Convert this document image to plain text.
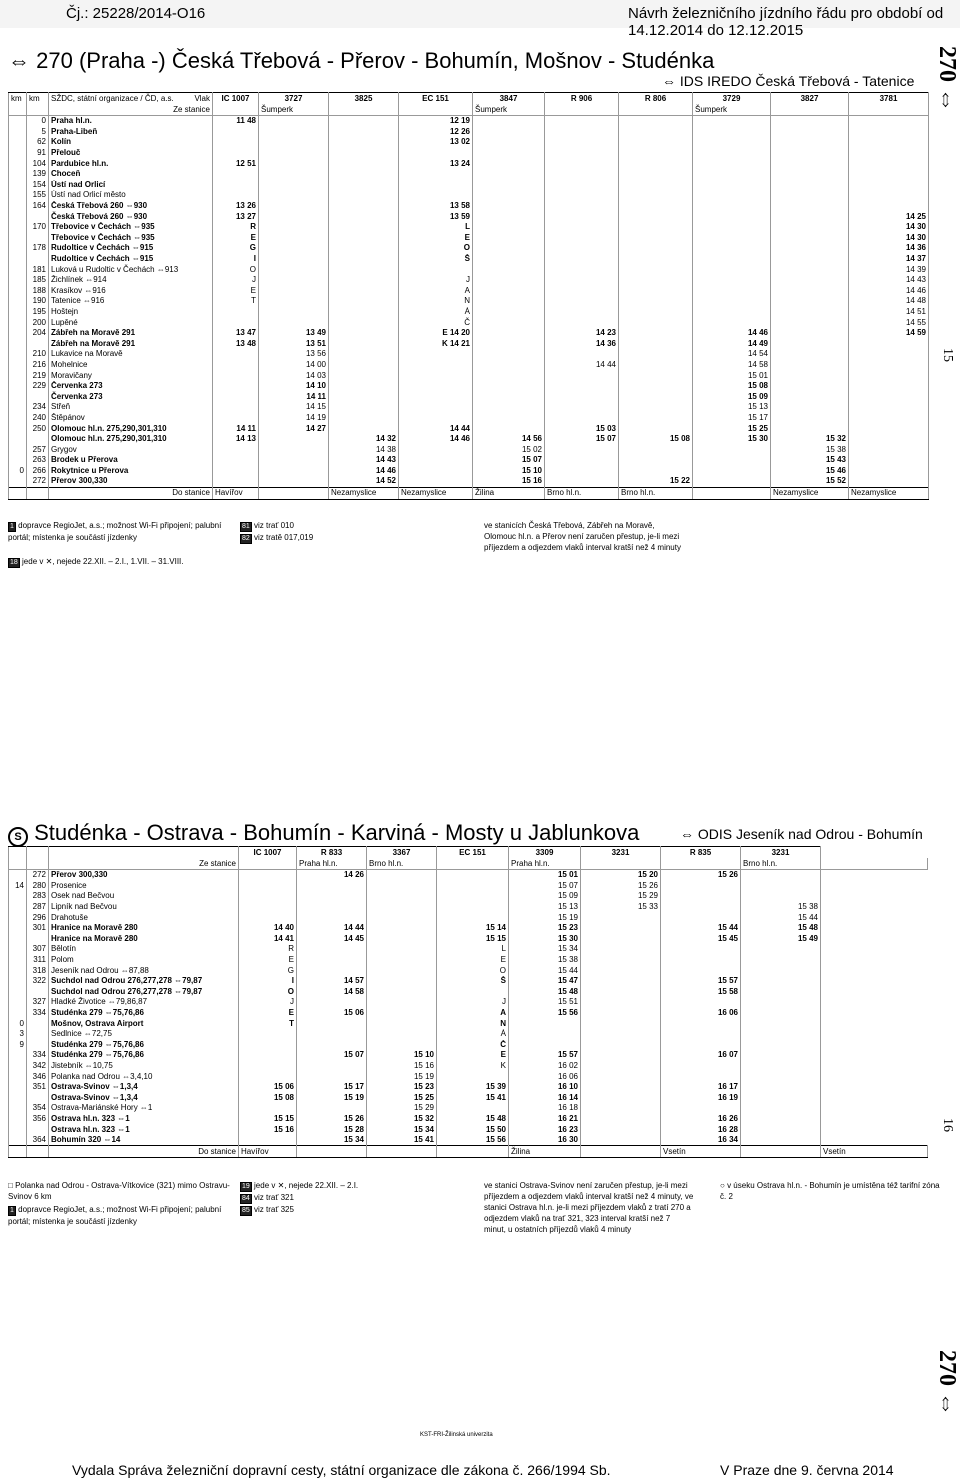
Čj.: 25228/2014-O16	Návrh železničního jízdního řádu pro období od 14.12.2014 do 12.12.2015
⇔ 270 (Praha -) Česká Třebová - Přerov - Bohumín, Mošnov - Studénka
⇔ IDS IREDO Česká Třebová - Tatenice 270 ⇔
15
km	km	Vlak
SŽDC, státní organizace / ČD, a.s.	IC 1007	3727	3825	EC 151	3847	R 906	R 806	3729	3827	3781
		Ze stanice		Šumperk			Šumperk			Šumperk		
	0	Praha hl.n.	11 48			12 19						
	5	Praha-Libeň				12 26						
	62	Kolín				13 02						
	91	Přelouč										
	104	Pardubice hl.n.	12 51			13 24						
	139	Choceň										
	154	Ústí nad Orlicí										
	155	Ústí nad Orlicí město										
	164	Česká Třebová 260 ⇔930	13 26			13 58						
		Česká Třebová 260 ⇔930	13 27			13 59						14 25
	170	Třebovice v Čechách ⇔935	R			L						14 30
		Třebovice v Čechách ⇔935	E			E						14 30
	178	Rudoltice v Čechách ⇔915	G			O						14 36
		Rudoltice v Čechách ⇔915	I			Š						14 37
	181	Luková u Rudoltic v Čechách ⇔913	O									14 39
	185	Žichlínek ⇔914	J			J						14 43
	188	Krasíkov ⇔916	E			A						14 46
	190	Tatenice ⇔916	T			N						14 48
	195	Hoštejn				Á						14 51
	200	Lupěné				Č						14 55
	204	Zábřeh na Moravě 291	13 47	13 49		E 14 20		14 23		14 46		14 59
		Zábřeh na Moravě 291	13 48	13 51		K 14 21		14 36		14 49		
	210	Lukavice na Moravě		13 56						14 54		
	216	Mohelnice		14 00				14 44		14 58		
	219	Moravičany		14 03						15 01		
	229	Červenka 273		14 10						15 08		
		Červenka 273		14 11						15 09		
	234	Střeň		14 15						15 13		
	240	Štěpánov		14 19						15 17		
	250	Olomouc hl.n. 275,290,301,310	14 11	14 27		14 44		15 03		15 25		
		Olomouc hl.n. 275,290,301,310	14 13		14 32	14 46	14 56	15 07	15 08	15 30	15 32	
	257	Grygov			14 38		15 02				15 38	
	263	Brodek u Přerova			14 43		15 07				15 43	
0	266	Rokytnice u Přerova			14 46		15 10				15 46	
	272	Přerov 300,330			14 52		15 16		15 22		15 52	
		Do stanice	Havířov		Nezamyslice	Nezamyslice	Žilina	Brno hl.n.	Brno hl.n.		Nezamyslice	Nezamyslice
1 dopravce RegioJet, a.s.; možnost Wi-Fi připojení; palubní portál; místenka je součástí jízdenky
18 jede v ✕, nejede 22.XII. – 2.I., 1.VII. – 31.VIII.
81 viz trať 010
82 viz tratě 017,019
ve stanicích Česká Třebová, Zábřeh na Moravě, Olomouc hl.n. a Přerov není zaručen přestup, je-li mezi příjezdem a odjezdem vlaků interval kratší než 4 minuty
S Studénka - Ostrava - Bohumín - Karviná - Mosty u Jablunkova	⇔ ODIS Jeseník nad Odrou - Bohumín
16
			IC 1007	R 833	3367	EC 151	3309	3231	R 835	3231	
		Ze stanice		Praha hl.n.	Brno hl.n.		Praha hl.n.			Brno hl.n.	
	272	Přerov 300,330		14 26			15 01	15 20	15 26		
14	280	Prosenice					15 07	15 26			
	283	Osek nad Bečvou					15 09	15 29			
	287	Lipník nad Bečvou					15 13	15 33		15 38	
	296	Drahotuše					15 19			15 44	
	301	Hranice na Moravě 280	14 40	14 44		15 14	15 23		15 44	15 48	
		Hranice na Moravě 280	14 41	14 45		15 15	15 30		15 45	15 49	
	307	Bělotín	R			L	15 34				
	311	Polom	E			E	15 38				
	318	Jeseník nad Odrou ⇔87,88	G			O	15 44				
	322	Suchdol nad Odrou 276,277,278 ⇔79,87	I	14 57		Š	15 47		15 57		
		Suchdol nad Odrou 276,277,278 ⇔79,87	O	14 58			15 48		15 58		
	327	Hladké Životice ⇔79,86,87	J			J	15 51				
	334	Studénka 279 ⇔75,76,86	E	15 06		A	15 56		16 06		
0		Mošnov, Ostrava Airport	T			N					
3		Sedlnice ⇔72,75				Á					
9		Studénka 279 ⇔75,76,86				Č					
	334	Studénka 279 ⇔75,76,86		15 07	15 10	E	15 57		16 07		
	342	Jistebník ⇔10,75			15 16	K	16 02				
	346	Polanka nad Odrou ⇔3,4,10			15 19		16 06				
	351	Ostrava-Svinov ⇔1,3,4	15 06	15 17	15 23	15 39	16 10		16 17		
		Ostrava-Svinov ⇔1,3,4	15 08	15 19	15 25	15 41	16 14		16 19		
	354	Ostrava-Mariánské Hory ⇔1			15 29		16 18				
	356	Ostrava hl.n. 323 ⇔1	15 15	15 26	15 32	15 48	16 21		16 26		
		Ostrava hl.n. 323 ⇔1	15 16	15 28	15 34	15 50	16 23		16 28		
	364	Bohumín 320 ⇔14		15 34	15 41	15 56	16 30		16 34		
		Do stanice	Havířov				Žilina		Vsetín		Vsetín
□ Polanka nad Odrou - Ostrava-Vítkovice (321) mimo Ostravu-Svinov 6 km
1 dopravce RegioJet, a.s.; možnost Wi-Fi připojení; palubní portál; místenka je součástí jízdenky
19 jede v ✕, nejede 22.XII. – 2.I.
84 viz trať 321
85 viz trať 325
ve stanici Ostrava-Svinov není zaručen přestup, je-li mezi příjezdem a odjezdem vlaků interval kratší než 4 minuty, ve stanici Ostrava hl.n. je-li mezi příjezdem vlaků z tratí 270 a odjezdem vlaků na trať 321, 323 interval kratší než 7 minut, u ostatních příjezdů vlaků 4 minuty
○ v úseku Ostrava hl.n. - Bohumín je umístěna též tarifní zóna č. 2
270 ⇔
KST-FRI-Žilinská univerzita
Vydala Správa železniční dopravní cesty, státní organizace dle zákona č. 266/1994 Sb.	V Praze dne 9. června 2014
